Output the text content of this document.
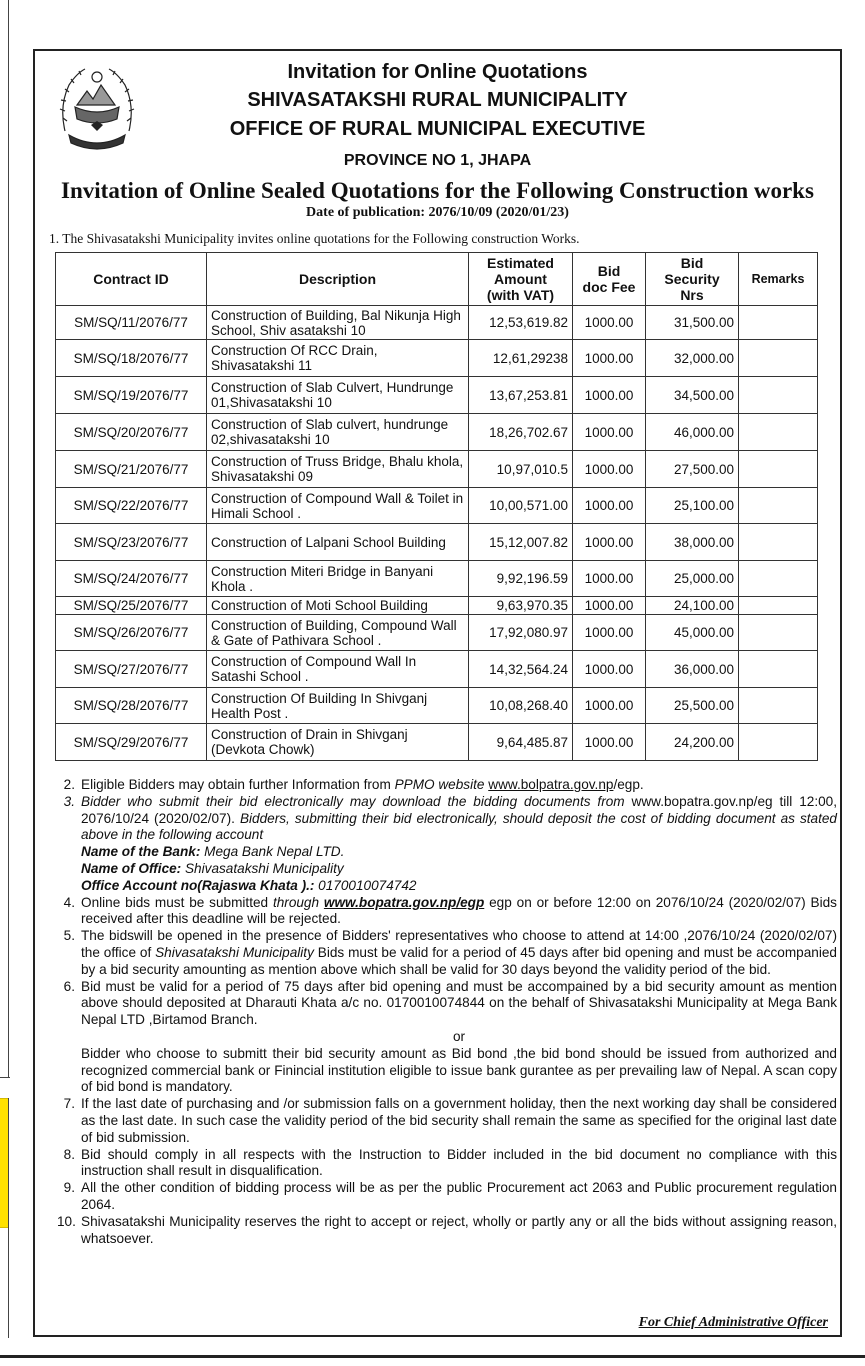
Invitation for Online Quotations

SHIVASATAKSHI RURAL MUNICIPALITY

OFFICE OF RURAL MUNICIPAL EXECUTIVE

PROVINCE NO 1, JHAPA

Invitation of Online Sealed Quotations for the Following Construction works

Date of publication: 2076/10/09 (2020/01/23)

1. The Shivasatakshi Municipality invites online quotations for the Following construction Works.

Contract ID	Description	Estimated
Amount
(with VAT)	Bid
doc Fee	Bid
Security
Nrs	Remarks
SM/SQ/11/2076/77	Construction of Building, Bal Nikunja High School, Shiv asatakshi 10	12,53,619.82	1000.00	31,500.00	
SM/SQ/18/2076/77	Construction Of RCC Drain, Shivasatakshi 11	12,61,29238	1000.00	32,000.00	
SM/SQ/19/2076/77	Construction of Slab Culvert, Hundrunge 01,Shivasatakshi 10	13,67,253.81	1000.00	34,500.00	
SM/SQ/20/2076/77	Construction of Slab culvert, hundrunge 02,shivasatakshi 10	18,26,702.67	1000.00	46,000.00	
SM/SQ/21/2076/77	Construction of Truss Bridge, Bhalu khola, Shivasatakshi 09	10,97,010.5	1000.00	27,500.00	
SM/SQ/22/2076/77	Construction of Compound Wall & Toilet in Himali School .	10,00,571.00	1000.00	25,100.00	
SM/SQ/23/2076/77	Construction of Lalpani School Building	15,12,007.82	1000.00	38,000.00	
SM/SQ/24/2076/77	Construction Miteri Bridge in Banyani Khola .	9,92,196.59	1000.00	25,000.00	
SM/SQ/25/2076/77	Construction of Moti School Building	9,63,970.35	1000.00	24,100.00	
SM/SQ/26/2076/77	Construction of Building, Compound Wall & Gate of Pathivara School .	17,92,080.97	1000.00	45,000.00	
SM/SQ/27/2076/77	Construction of Compound Wall In Satashi School .	14,32,564.24	1000.00	36,000.00	
SM/SQ/28/2076/77	Construction Of Building In Shivganj Health Post .	10,08,268.40	1000.00	25,500.00	
SM/SQ/29/2076/77	Construction of Drain in Shivganj (Devkota Chowk)	9,64,485.87	1000.00	24,200.00	
2. Eligible Bidders may obtain further Information from PPMO website www.bolpatra.gov.np/egp.
3. Bidder who submit their bid electronically may download the bidding documents from www.bopatra.gov.np/eg till 12:00, 2076/10/24 (2020/02/07). Bidders, submitting their bid electronically, should deposit the cost of bidding document as stated above in the following account
Name of the Bank: Mega Bank Nepal LTD.
Name of Office: Shivasatakshi Municipality
Office Account no(Rajaswa Khata ).: 0170010074742
4. Online bids must be submitted through www.bopatra.gov.np/egp egp on or before 12:00 on 2076/10/24 (2020/02/07) Bids received after this deadline will be rejected.
5. The bidswill be opened in the presence of Bidders' representatives who choose to attend at 14:00 ,2076/10/24 (2020/02/07) the office of Shivasatakshi Municipality Bids must be valid for a period of 45 days after bid opening and must be accompanied by a bid security amounting as mention above which shall be valid for 30 days beyond the validity period of the bid.
6. Bid must be valid for a period of 75 days after bid opening and must be accompained by a bid security amount as mention above should deposited at Dharauti Khata a/c no. 0170010074844 on the behalf of Shivasatakshi Municipality at Mega Bank Nepal LTD ,Birtamod Branch.
or
Bidder who choose to submitt their bid security amount as Bid bond ,the bid bond should be issued from authorized and recognized commercial bank or Finincial institution eligible to issue bank gurantee as per prevailing law of Nepal. A scan copy of bid bond is mandatory.
7. If the last date of purchasing and /or submission falls on a government holiday, then the next working day shall be considered as the last date. In such case the validity period of the bid security shall remain the same as specified for the original last date of bid submission.
8. Bid should comply in all respects with the Instruction to Bidder included in the bid document no compliance with this instruction shall result in disqualification.
9. All the other condition of bidding process will be as per the public Procurement act 2063 and Public procurement regulation 2064.
10. Shivasatakshi Municipality reserves the right to accept or reject, wholly or partly any or all the bids without assigning reason, whatsoever.

For Chief Administrative Officer
